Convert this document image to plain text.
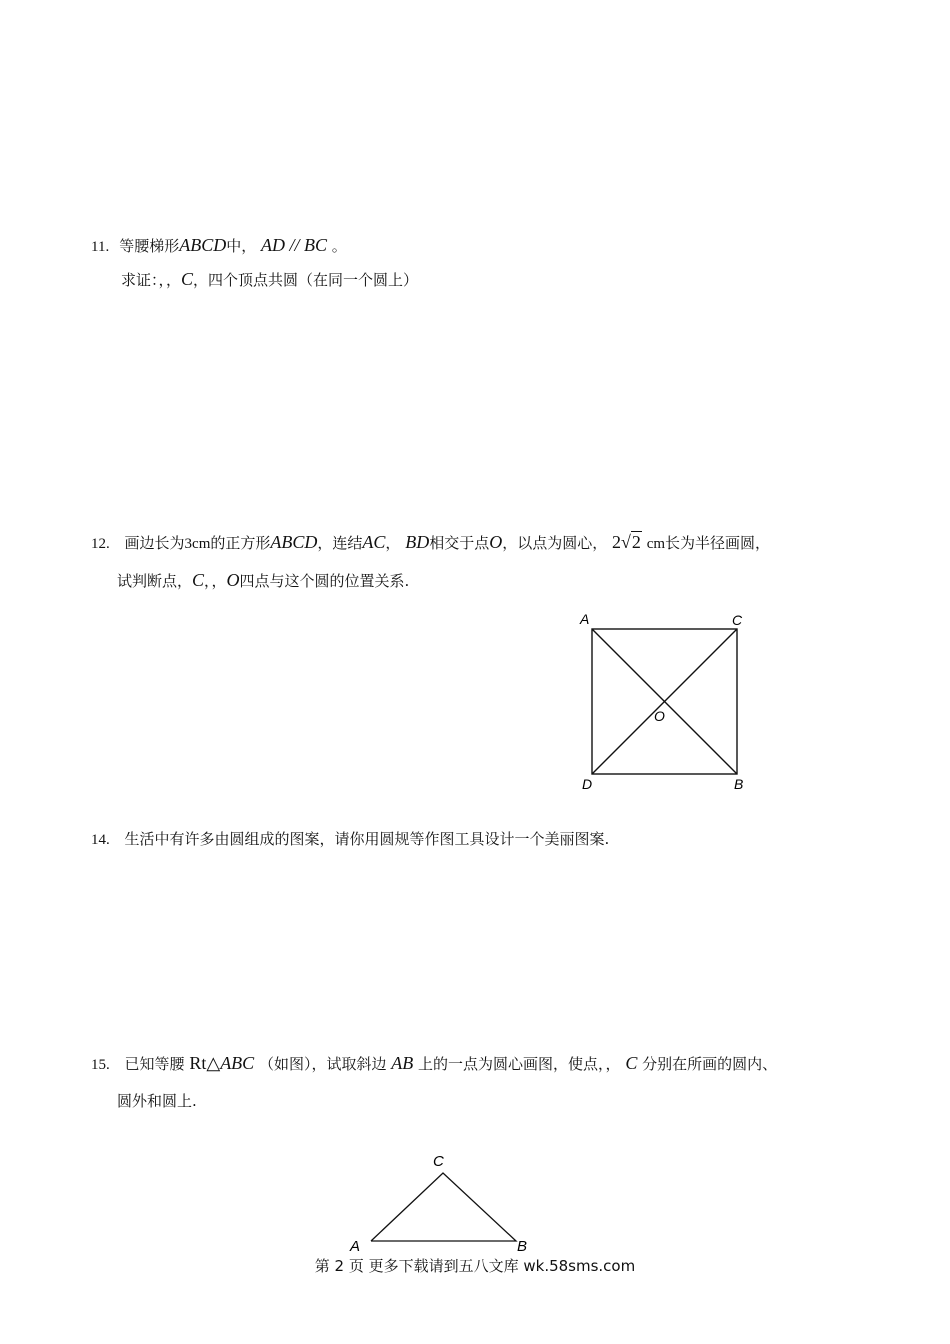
11. 等腰梯形ABCD中， AD // BC 。
求证：，，C，四个顶点共圆（在同一个圆上）
12. 画边长为3cm的正方形ABCD，连结AC， BD相交于点O，以点为圆心， 2√2 cm长为半径画圆，
试判断点，C，，O四点与这个圆的位置关系.
A	C
O
D	B
14. 生活中有许多由圆组成的图案，请你用圆规等作图工具设计一个美丽图案.
15. 已知等腰 Rt△ABC （如图），试取斜边 AB 上的一点为圆心画图，使点，， C 分别在所画的圆内、
圆外和圆上.
C
A	B
第 2 页 更多下载请到五八文库 wk.58sms.com
